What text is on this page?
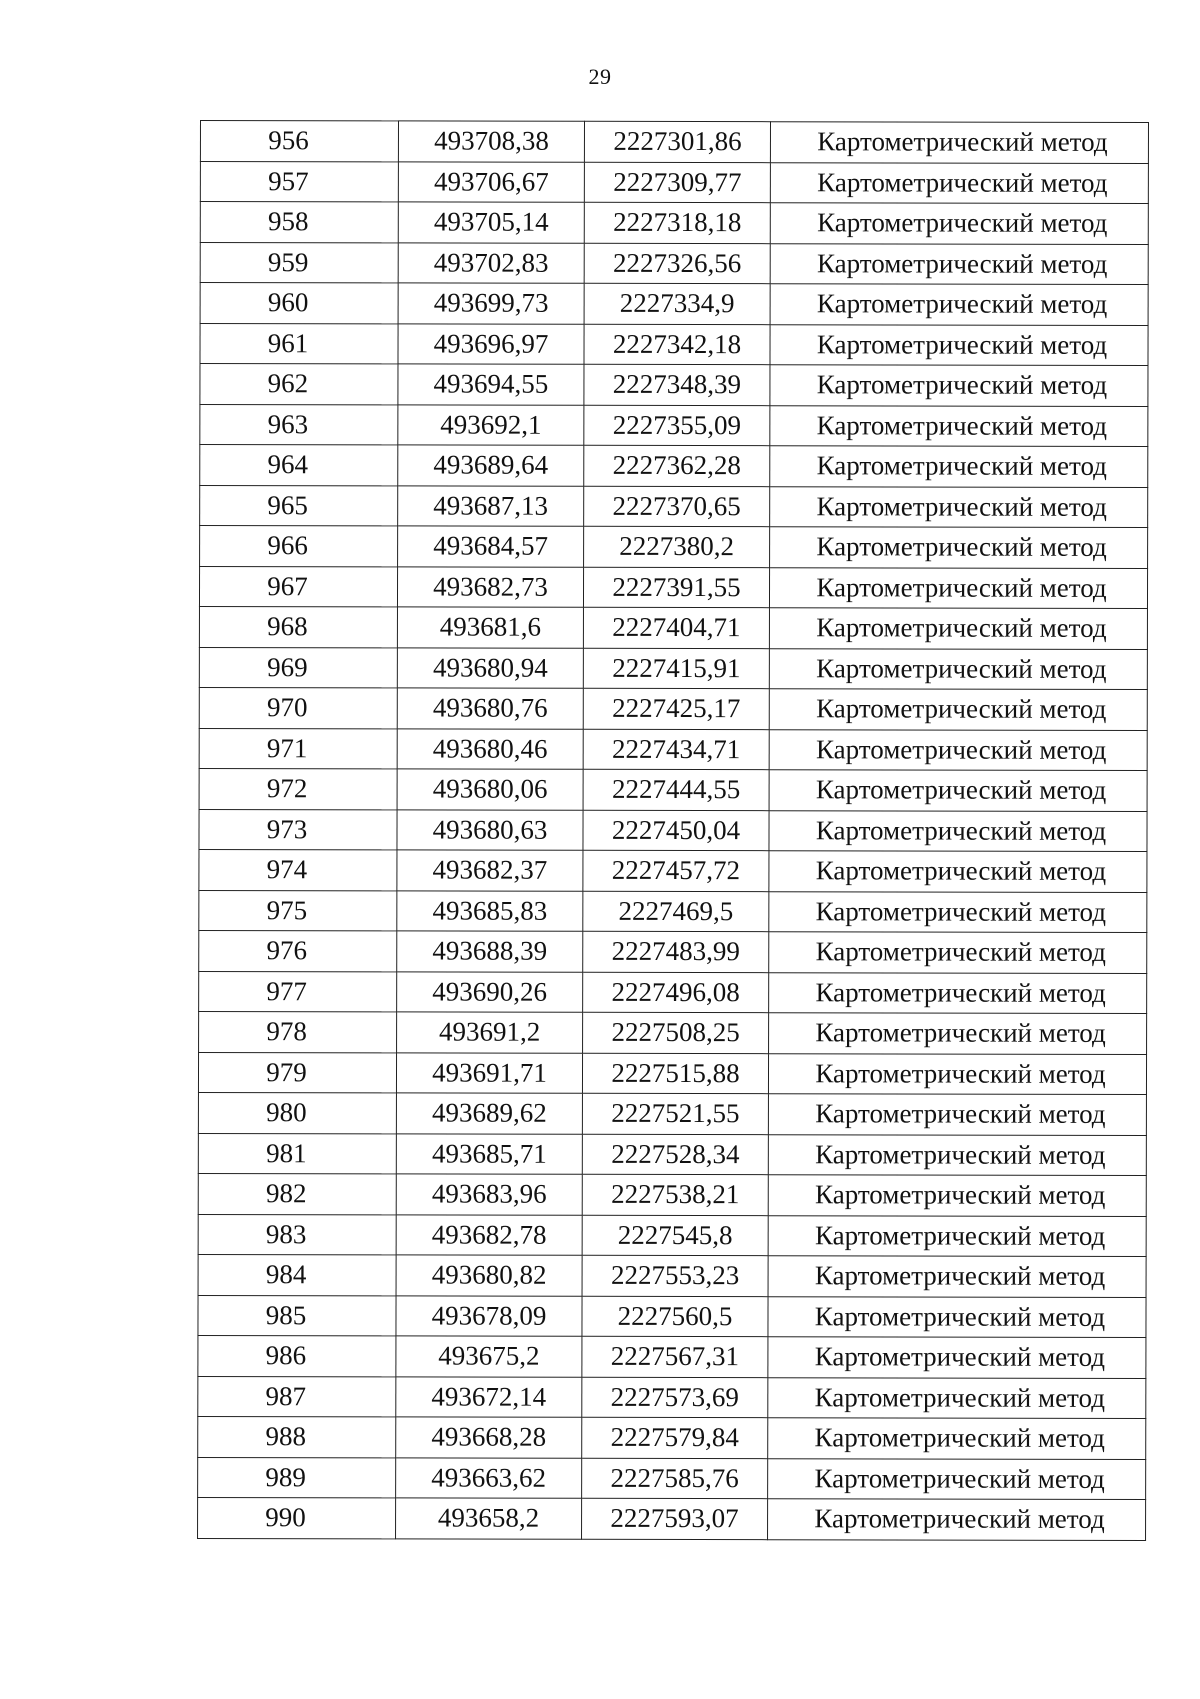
29
956	493708,38	2227301,86	Картометрический метод
957	493706,67	2227309,77	Картометрический метод
958	493705,14	2227318,18	Картометрический метод
959	493702,83	2227326,56	Картометрический метод
960	493699,73	2227334,9	Картометрический метод
961	493696,97	2227342,18	Картометрический метод
962	493694,55	2227348,39	Картометрический метод
963	493692,1	2227355,09	Картометрический метод
964	493689,64	2227362,28	Картометрический метод
965	493687,13	2227370,65	Картометрический метод
966	493684,57	2227380,2	Картометрический метод
967	493682,73	2227391,55	Картометрический метод
968	493681,6	2227404,71	Картометрический метод
969	493680,94	2227415,91	Картометрический метод
970	493680,76	2227425,17	Картометрический метод
971	493680,46	2227434,71	Картометрический метод
972	493680,06	2227444,55	Картометрический метод
973	493680,63	2227450,04	Картометрический метод
974	493682,37	2227457,72	Картометрический метод
975	493685,83	2227469,5	Картометрический метод
976	493688,39	2227483,99	Картометрический метод
977	493690,26	2227496,08	Картометрический метод
978	493691,2	2227508,25	Картометрический метод
979	493691,71	2227515,88	Картометрический метод
980	493689,62	2227521,55	Картометрический метод
981	493685,71	2227528,34	Картометрический метод
982	493683,96	2227538,21	Картометрический метод
983	493682,78	2227545,8	Картометрический метод
984	493680,82	2227553,23	Картометрический метод
985	493678,09	2227560,5	Картометрический метод
986	493675,2	2227567,31	Картометрический метод
987	493672,14	2227573,69	Картометрический метод
988	493668,28	2227579,84	Картометрический метод
989	493663,62	2227585,76	Картометрический метод
990	493658,2	2227593,07	Картометрический метод
